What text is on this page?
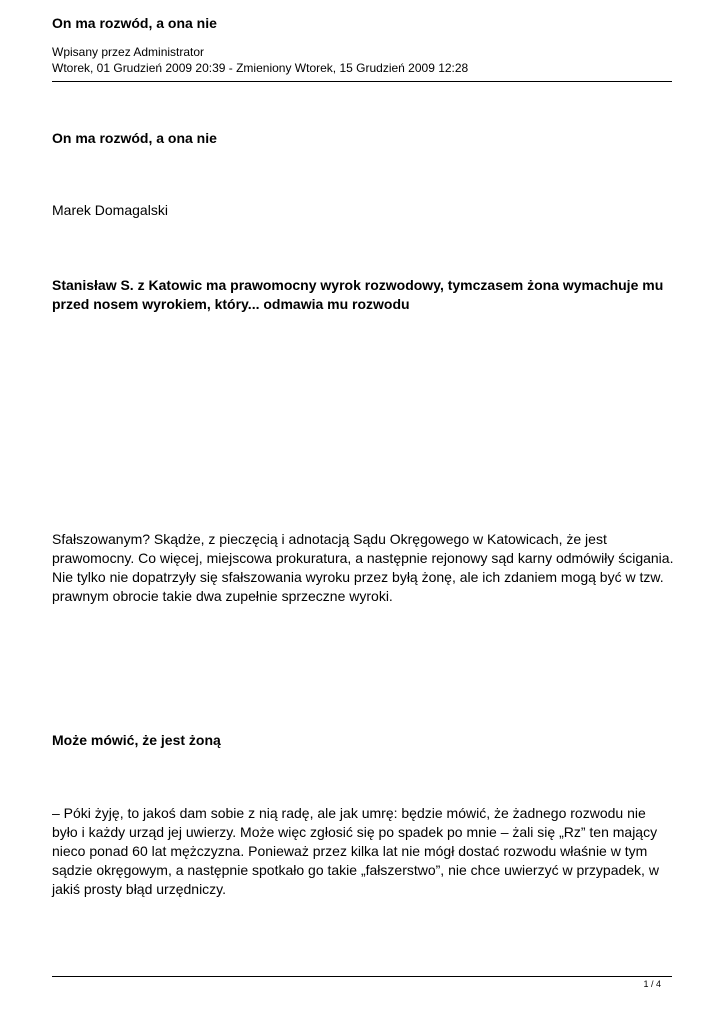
On ma rozwód, a ona nie
Wpisany przez Administrator
Wtorek, 01 Grudzień 2009 20:39 - Zmieniony Wtorek, 15 Grudzień 2009 12:28
On ma rozwód, a ona nie
Marek Domagalski
Stanisław S. z Katowic ma prawomocny wyrok rozwodowy, tymczasem żona wymachuje mu przed nosem wyrokiem, który... odmawia mu rozwodu

Sfałszowanym? Skądże, z pieczęcią i adnotacją Sądu Okręgowego w Katowicach, że jest prawomocny. Co więcej, miejscowa prokuratura, a następnie rejonowy sąd karny odmówiły ścigania. Nie tylko nie dopatrzyły się sfałszowania wyroku przez byłą żonę, ale ich zdaniem mogą być w tzw. prawnym obrocie takie dwa zupełnie sprzeczne wyroki.

Może mówić, że jest żoną

– Póki żyję, to jakoś dam sobie z nią radę, ale jak umrę: będzie mówić, że żadnego rozwodu nie było i każdy urząd jej uwierzy. Może więc zgłosić się po spadek po mnie – żali się „Rz” ten mający nieco ponad 60 lat mężczyzna. Ponieważ przez kilka lat nie mógł dostać rozwodu właśnie w tym sądzie okręgowym, a następnie spotkało go takie „fałszerstwo”, nie chce uwierzyć w przypadek, w jakiś prosty błąd urzędniczy.

1 / 4
